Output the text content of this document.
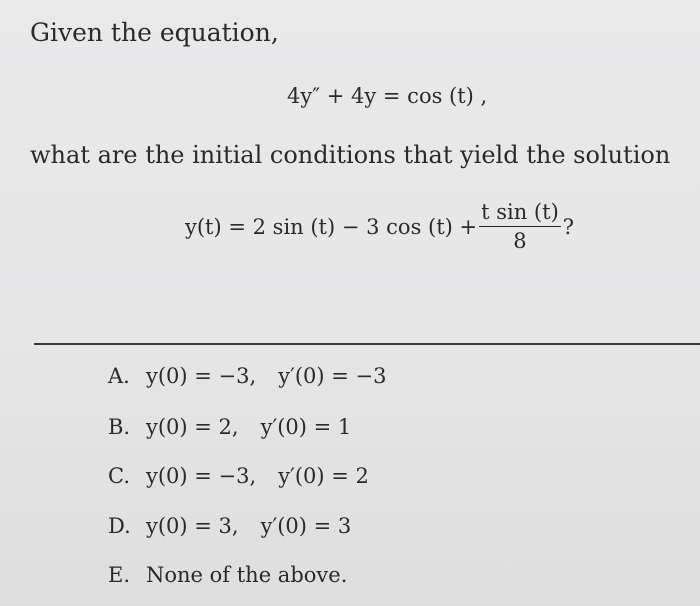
Given the equation,
4y″ + 4y = cos (t) ,
what are the initial conditions that yield the solution
y(t) = 2 sin (t) − 3 $\cos (t) + \frac{\text{t sin (t)}}{8}$ ?
A. y(0) = −3, y′(0) = −3
B. y(0) = 2, y′(0) = 1
C. y(0) = −3, y′(0) = 2
D. y(0) = 3, y′(0) = 3
E. None of the above.
